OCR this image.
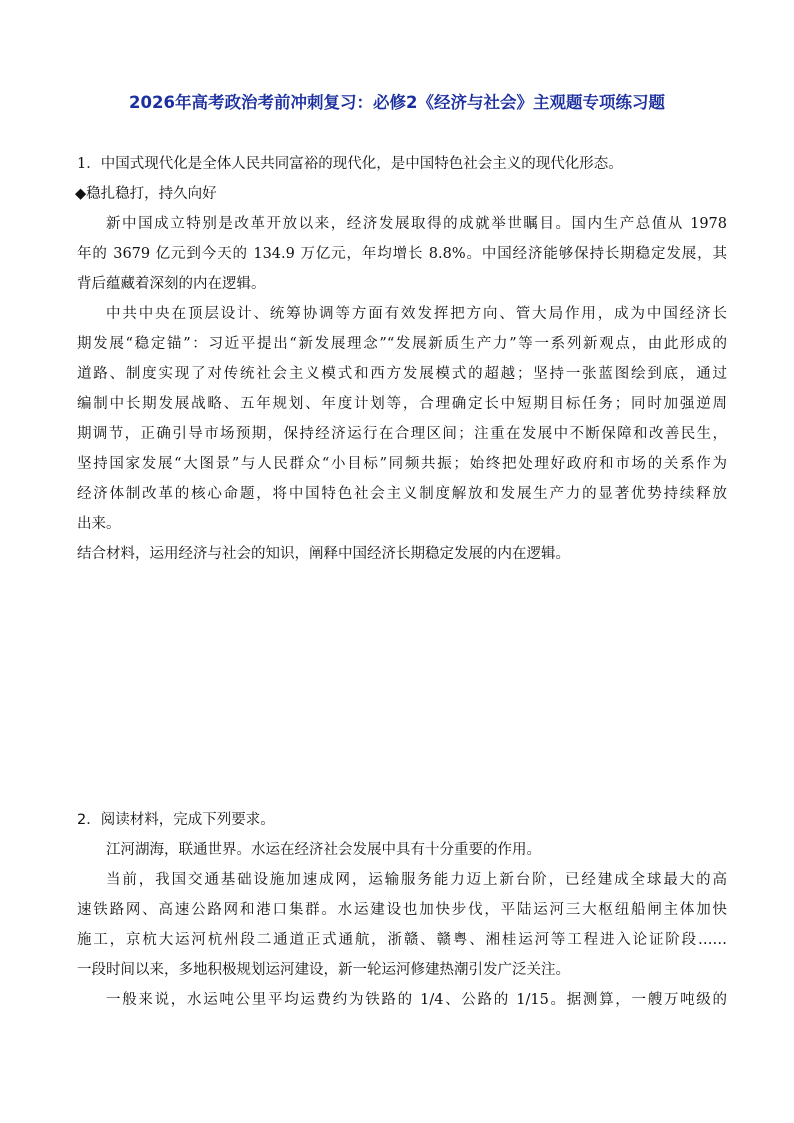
2026年高考政治考前冲刺复习：必修2《经济与社会》主观题专项练习题
1．中国式现代化是全体人民共同富裕的现代化，是中国特色社会主义的现代化形态。
◆稳扎稳打，持久向好
新中国成立特别是改革开放以来，经济发展取得的成就举世瞩目。国内生产总值从 1978
年的 3679 亿元到今天的 134.9 万亿元，年均增长 8.8%。中国经济能够保持长期稳定发展，其
背后蕴藏着深刻的内在逻辑。
中共中央在顶层设计、统筹协调等方面有效发挥把方向、管大局作用，成为中国经济长
期发展“稳定锚”：习近平提出“新发展理念”“发展新质生产力”等一系列新观点，由此形成的
道路、制度实现了对传统社会主义模式和西方发展模式的超越；坚持一张蓝图绘到底，通过
编制中长期发展战略、五年规划、年度计划等，合理确定长中短期目标任务；同时加强逆周
期调节，正确引导市场预期，保持经济运行在合理区间；注重在发展中不断保障和改善民生，
坚持国家发展“大图景”与人民群众“小目标”同频共振；始终把处理好政府和市场的关系作为
经济体制改革的核心命题，将中国特色社会主义制度解放和发展生产力的显著优势持续释放
出来。
结合材料，运用经济与社会的知识，阐释中国经济长期稳定发展的内在逻辑。
2．阅读材料，完成下列要求。
江河湖海，联通世界。水运在经济社会发展中具有十分重要的作用。
当前，我国交通基础设施加速成网，运输服务能力迈上新台阶，已经建成全球最大的高
速铁路网、高速公路网和港口集群。水运建设也加快步伐，平陆运河三大枢纽船闸主体加快
施工，京杭大运河杭州段二通道正式通航，浙赣、赣粤、湘桂运河等工程进入论证阶段……
一段时间以来，多地积极规划运河建设，新一轮运河修建热潮引发广泛关注。
一般来说，水运吨公里平均运费约为铁路的 1/4、公路的 1/15。据测算，一艘万吨级的
